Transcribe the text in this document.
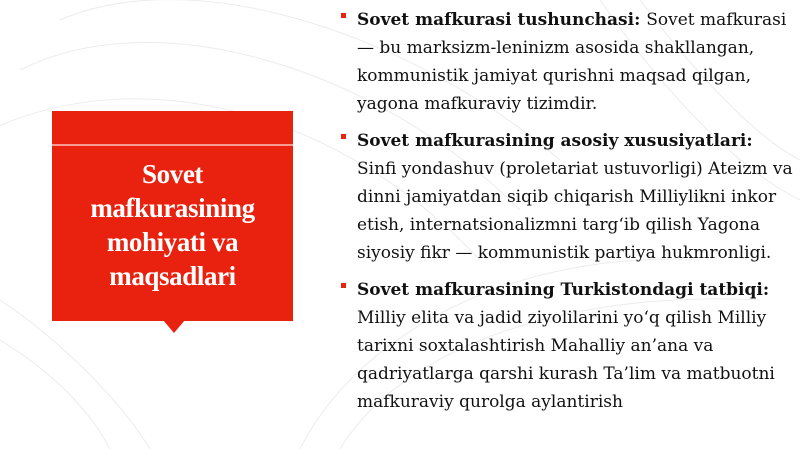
Sovet mafkurasining mohiyati va maqsadlari
Sovet mafkurasi tushunchasi: Sovet mafkurasi — bu marksizm-leninizm asosida shakllangan, kommunistik jamiyat qurishni maqsad qilgan, yagona mafkuraviy tizimdir.
Sovet mafkurasining asosiy xususiyatlari: Sinfi yondashuv (proletariat ustuvorligi) Ateizm va dinni jamiyatdan siqib chiqarish Milliylikni inkor etish, internatsionalizmni targ‘ib qilish Yagona siyosiy fikr — kommunistik partiya hukmronligi.
Sovet mafkurasining Turkistondagi tatbiqi: Milliy elita va jadid ziyolilarini yo‘q qilish Milliy tarixni soxtalashtirish Mahalliy an’ana va qadriyatlarga qarshi kurash Ta’lim va matbuotni mafkuraviy qurolga aylantirish
